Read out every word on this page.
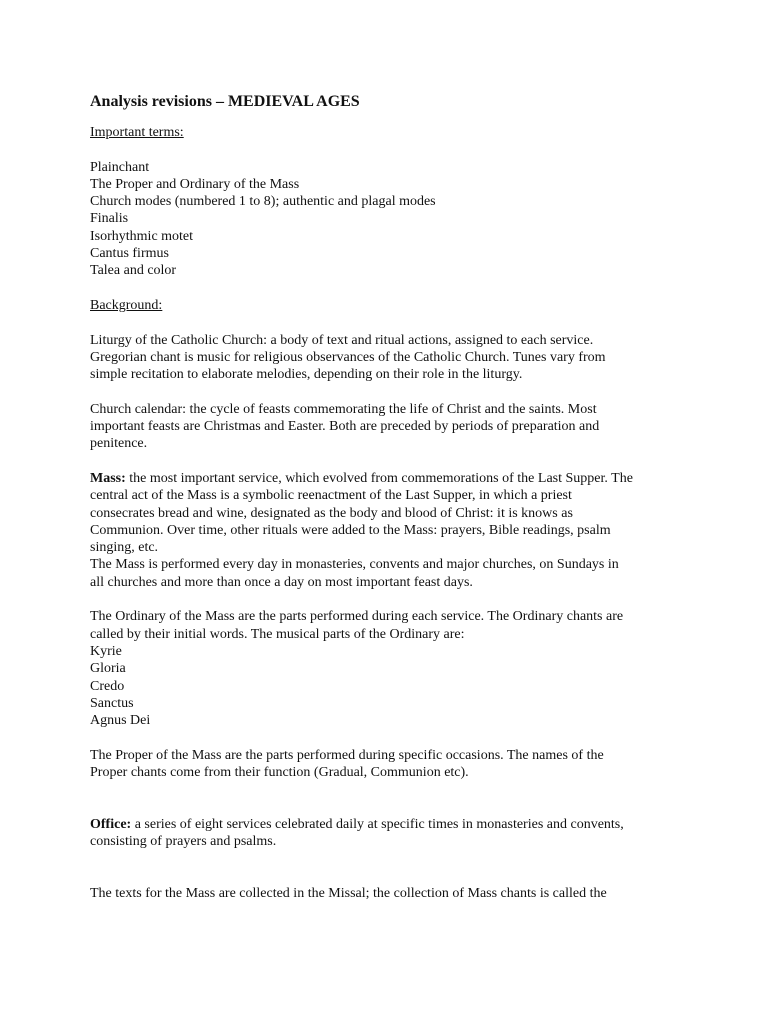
Analysis revisions – MEDIEVAL AGES
Important terms:
Plainchant
The Proper and Ordinary of the Mass
Church modes (numbered 1 to 8); authentic and plagal modes
Finalis
Isorhythmic motet
Cantus firmus
Talea and color
Background:
Liturgy of the Catholic Church: a body of text and ritual actions, assigned to each service.
Gregorian chant is music for religious observances of the Catholic Church. Tunes vary from
simple recitation to elaborate melodies, depending on their role in the liturgy.
Church calendar: the cycle of feasts commemorating the life of Christ and the saints. Most
important feasts are Christmas and Easter. Both are preceded by periods of preparation and
penitence.
Mass: the most important service, which evolved from commemorations of the Last Supper. The
central act of the Mass is a symbolic reenactment of the Last Supper, in which a priest
consecrates bread and wine, designated as the body and blood of Christ: it is knows as
Communion. Over time, other rituals were added to the Mass: prayers, Bible readings, psalm
singing, etc.
The Mass is performed every day in monasteries, convents and major churches, on Sundays in
all churches and more than once a day on most important feast days.
The Ordinary of the Mass are the parts performed during each service. The Ordinary chants are
called by their initial words. The musical parts of the Ordinary are:
Kyrie
Gloria
Credo
Sanctus
Agnus Dei
The Proper of the Mass are the parts performed during specific occasions. The names of the
Proper chants come from their function (Gradual, Communion etc).
Office: a series of eight services celebrated daily at specific times in monasteries and convents,
consisting of prayers and psalms.
The texts for the Mass are collected in the Missal; the collection of Mass chants is called the
